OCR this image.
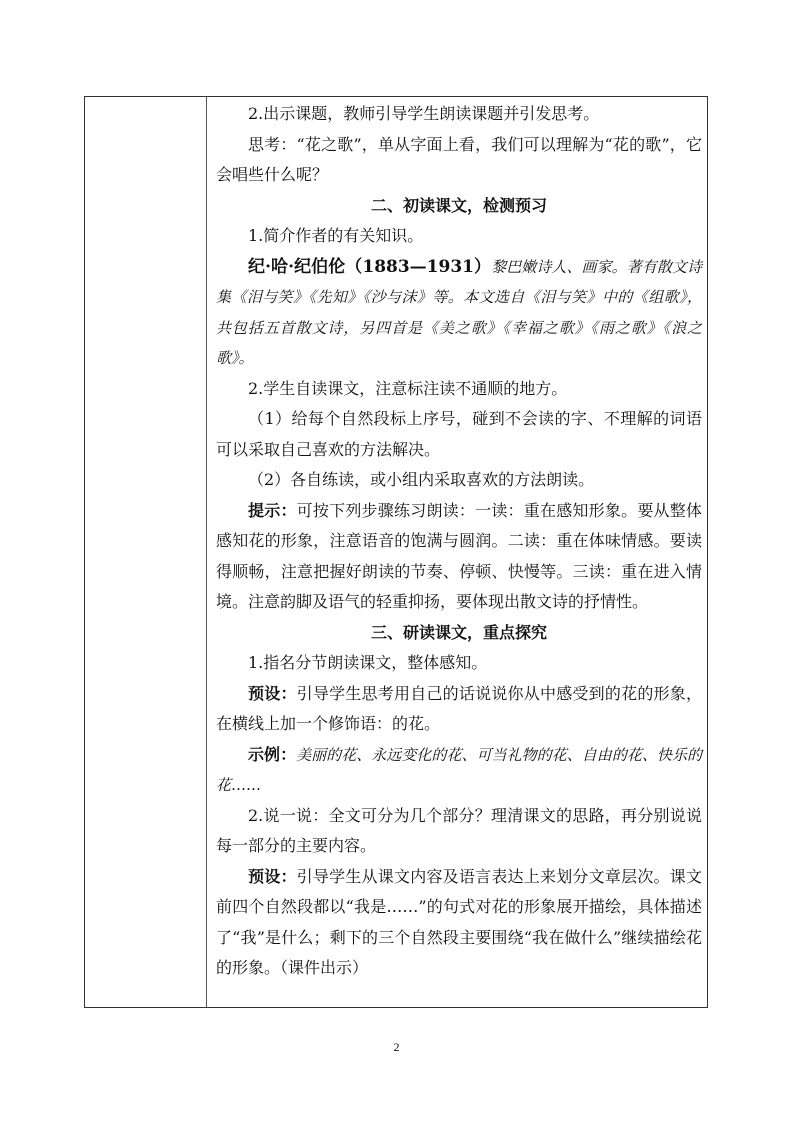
2.出示课题，教师引导学生朗读课题并引发思考。

思考：“花之歌”，单从字面上看，我们可以理解为“花的歌”，它会唱些什么呢？

二、初读课文，检测预习

1.简介作者的有关知识。

纪·哈·纪伯伦（1883—1931）黎巴嫩诗人、画家。著有散文诗集《泪与笑》《先知》《沙与沫》等。本文选自《泪与笑》中的《组歌》，共包括五首散文诗，另四首是《美之歌》《幸福之歌》《雨之歌》《浪之歌》。

2.学生自读课文，注意标注读不通顺的地方。

（1）给每个自然段标上序号，碰到不会读的字、不理解的词语可以采取自己喜欢的方法解决。

（2）各自练读，或小组内采取喜欢的方法朗读。

提示：可按下列步骤练习朗读：一读：重在感知形象。要从整体感知花的形象，注意语音的饱满与圆润。二读：重在体味情感。要读得顺畅，注意把握好朗读的节奏、停顿、快慢等。三读：重在进入情境。注意韵脚及语气的轻重抑扬，要体现出散文诗的抒情性。

三、研读课文，重点探究

1.指名分节朗读课文，整体感知。

预设：引导学生思考用自己的话说说你从中感受到的花的形象，在横线上加一个修饰语：的花。

示例：美丽的花、永远变化的花、可当礼物的花、自由的花、快乐的花……

2.说一说：全文可分为几个部分？理清课文的思路，再分别说说每一部分的主要内容。

预设：引导学生从课文内容及语言表达上来划分文章层次。课文前四个自然段都以“我是……”的句式对花的形象展开描绘，具体描述了“我”是什么；剩下的三个自然段主要围绕“我在做什么”继续描绘花的形象。（课件出示）

2
